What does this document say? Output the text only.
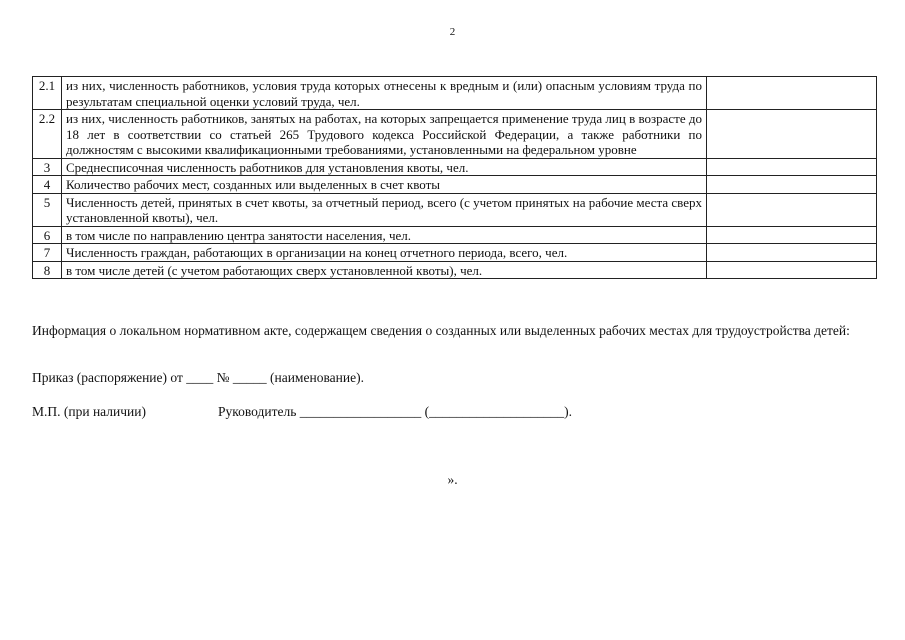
2
2.1	из них, численность работников, условия труда которых отнесены к вредным и (или) опасным условиям труда по результатам специальной оценки условий труда, чел.	
2.2	из них, численность работников, занятых на работах, на которых запрещается применение труда лиц в возрасте до 18 лет в соответствии со статьей 265 Трудового кодекса Российской Федерации, а также работники по должностям с высокими квалификационными требованиями, установленными на федеральном уровне	
3	Среднесписочная численность работников для установления квоты, чел.	
4	Количество рабочих мест, созданных или выделенных в счет квоты	
5	Численность детей, принятых в счет квоты, за отчетный период, всего (с учетом принятых на рабочие места сверх установленной квоты), чел.	
6	в том числе по направлению центра занятости населения, чел.	
7	Численность граждан, работающих в организации на конец отчетного периода, всего, чел.	
8	в том числе детей (с учетом работающих сверх установленной квоты), чел.	
Информация о локальном нормативном акте, содержащем сведения о созданных или выделенных рабочих местах для трудоустройства детей:
Приказ (распоряжение) от ____ № _____ (наименование).
М.П. (при наличии)	Руководитель __________________ (____________________).
».
